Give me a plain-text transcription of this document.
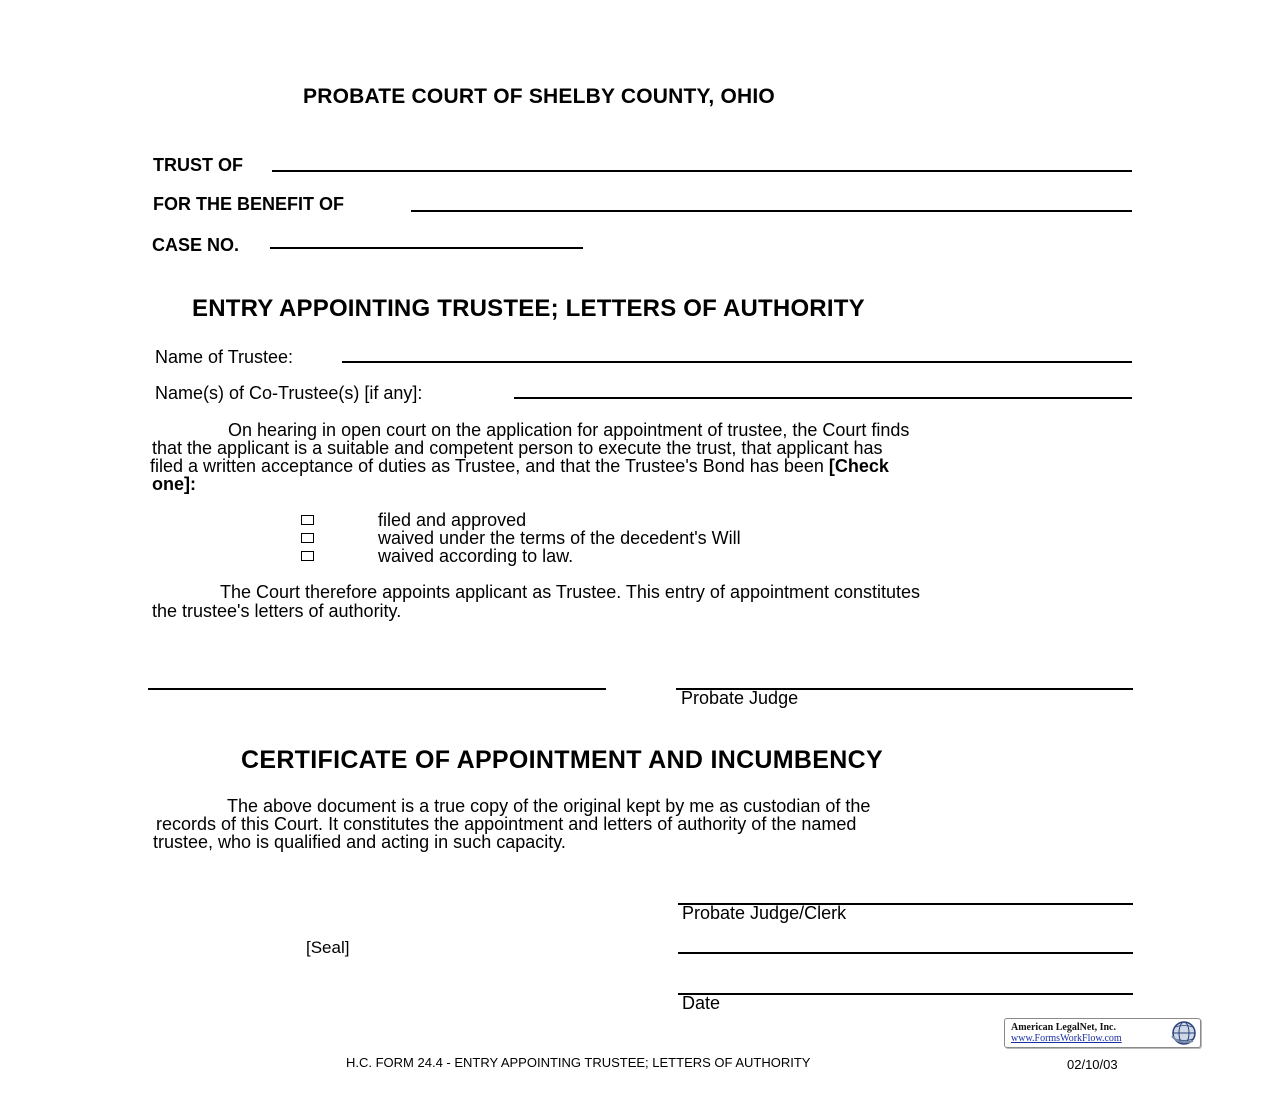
PROBATE COURT OF SHELBY COUNTY, OHIO
TRUST OF
FOR THE BENEFIT OF
CASE NO.
ENTRY APPOINTING TRUSTEE; LETTERS OF AUTHORITY
Name of Trustee:
Name(s) of Co-Trustee(s) [if any]:
On hearing in open court on the application for appointment of trustee, the Court finds
that the applicant is a suitable and competent person to execute the trust, that applicant has
filed a written acceptance of duties as Trustee, and that the Trustee's Bond has been [Check
one]:
filed and approved
waived under the terms of the decedent's Will
waived according to law.
The Court therefore appoints applicant as Trustee. This entry of appointment constitutes
the trustee's letters of authority.
Probate Judge
CERTIFICATE OF APPOINTMENT AND INCUMBENCY
The above document is a true copy of the original kept by me as custodian of the
records of this Court. It constitutes the appointment and letters of authority of the named
trustee, who is qualified and acting in such capacity.
Probate Judge/Clerk
[Seal]
Date
American LegalNet, Inc.
www.FormsWorkFlow.com
H.C. FORM 24.4 - ENTRY APPOINTING TRUSTEE; LETTERS OF AUTHORITY	02/10/03
